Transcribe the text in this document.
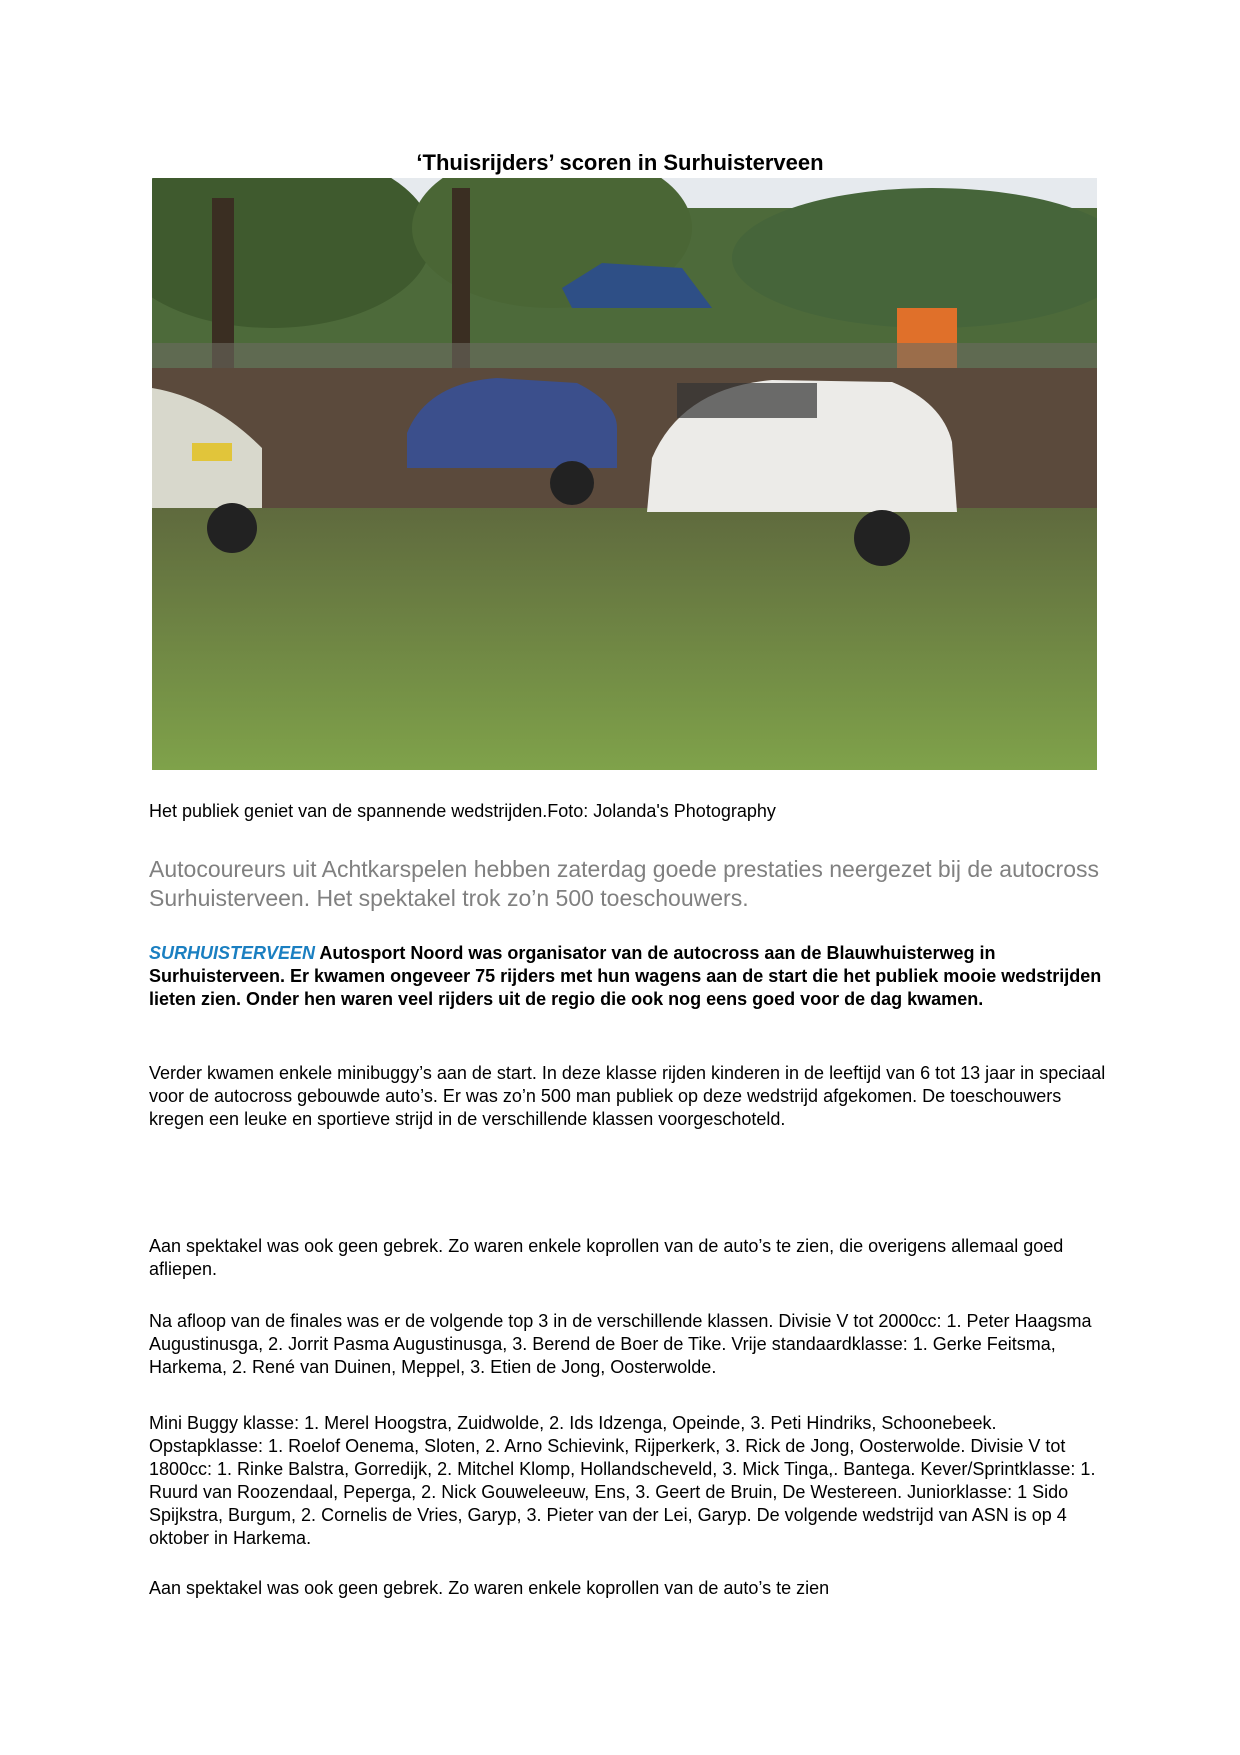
‘Thuisrijders’ scoren in Surhuisterveen
Het publiek geniet van de spannende wedstrijden.Foto: Jolanda's Photography
Autocoureurs uit Achtkarspelen hebben zaterdag goede prestaties neergezet bij de autocross Surhuisterveen. Het spektakel trok zo’n 500 toeschouwers.
SURHUISTERVEEN Autosport Noord was organisator van de autocross aan de Blauwhuisterweg in Surhuisterveen. Er kwamen ongeveer 75 rijders met hun wagens aan de start die het publiek mooie wedstrijden lieten zien. Onder hen waren veel rijders uit de regio die ook nog eens goed voor de dag kwamen.
Verder kwamen enkele minibuggy’s aan de start. In deze klasse rijden kinderen in de leeftijd van 6 tot 13 jaar in speciaal voor de autocross gebouwde auto’s. Er was zo’n 500 man publiek op deze wedstrijd afgekomen. De toeschouwers kregen een leuke en sportieve strijd in de verschillende klassen voorgeschoteld.
Aan spektakel was ook geen gebrek. Zo waren enkele koprollen van de auto’s te zien, die overigens allemaal goed afliepen.
Na afloop van de finales was er de volgende top 3 in de verschillende klassen. Divisie V tot 2000cc: 1. Peter Haagsma Augustinusga, 2. Jorrit Pasma Augustinusga, 3. Berend de Boer de Tike. Vrije standaardklasse: 1. Gerke Feitsma, Harkema, 2. René van Duinen, Meppel, 3. Etien de Jong, Oosterwolde.
Mini Buggy klasse: 1. Merel Hoogstra, Zuidwolde, 2. Ids Idzenga, Opeinde, 3. Peti Hindriks, Schoonebeek. Opstapklasse: 1. Roelof Oenema, Sloten, 2. Arno Schievink, Rijperkerk, 3. Rick de Jong, Oosterwolde. Divisie V tot 1800cc: 1. Rinke Balstra, Gorredijk, 2. Mitchel Klomp, Hollandscheveld, 3. Mick Tinga,. Bantega. Kever/Sprintklasse: 1. Ruurd van Roozendaal, Peperga, 2. Nick Gouweleeuw, Ens, 3. Geert de Bruin, De Westereen. Juniorklasse: 1 Sido Spijkstra, Burgum, 2. Cornelis de Vries, Garyp, 3. Pieter van der Lei, Garyp. De volgende wedstrijd van ASN is op 4 oktober in Harkema.
Aan spektakel was ook geen gebrek. Zo waren enkele koprollen van de auto’s te zien
